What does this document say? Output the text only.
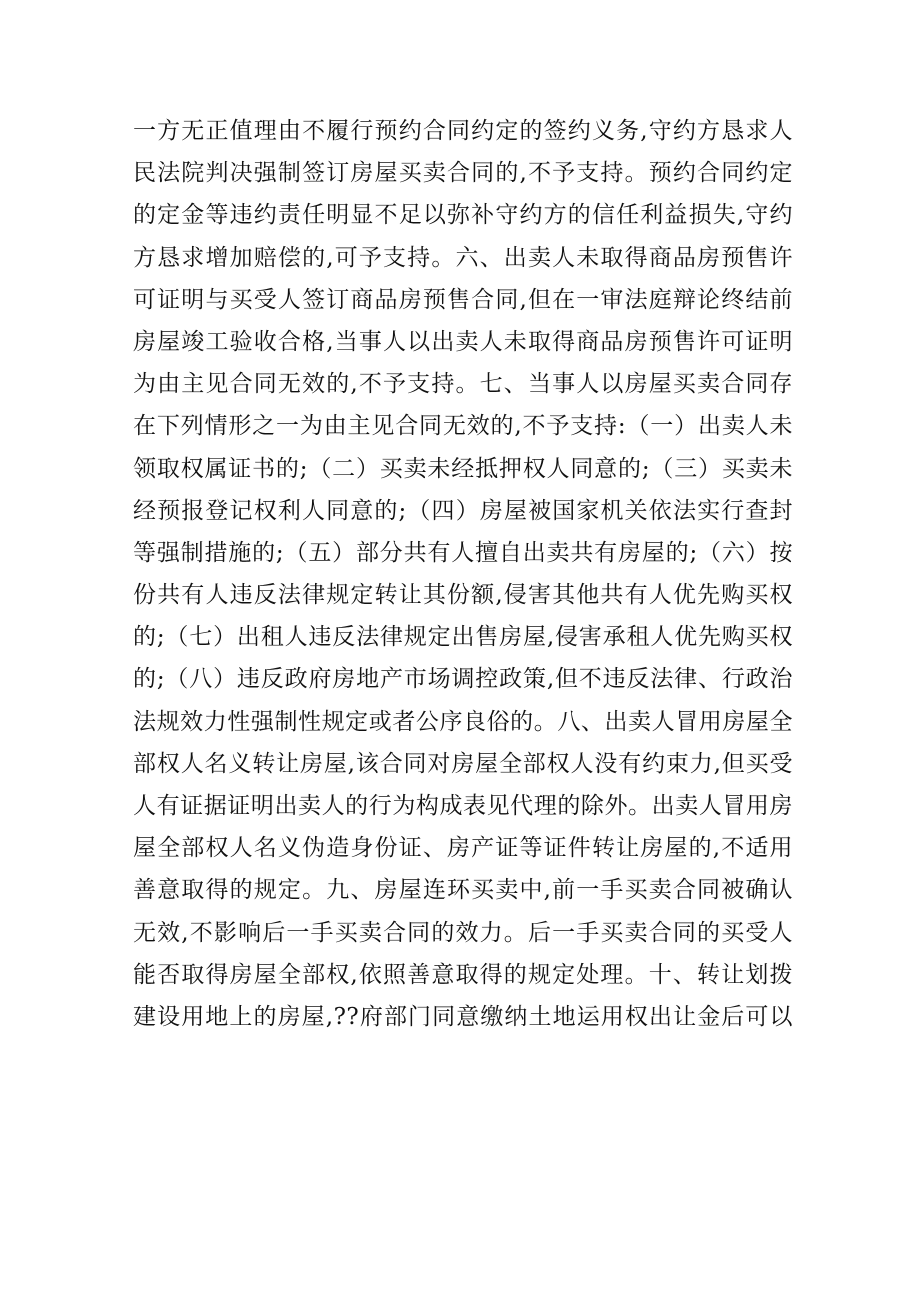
一方无正值理由不履行预约合同约定的签约义务,守约方恳求人
民法院判决强制签订房屋买卖合同的,不予支持。预约合同约定
的定金等违约责任明显不足以弥补守约方的信任利益损失,守约
方恳求增加赔偿的,可予支持。六、出卖人未取得商品房预售许
可证明与买受人签订商品房预售合同,但在一审法庭辩论终结前
房屋竣工验收合格,当事人以出卖人未取得商品房预售许可证明
为由主见合同无效的,不予支持。七、当事人以房屋买卖合同存
在下列情形之一为由主见合同无效的,不予支持:（一）出卖人未
领取权属证书的;（二）买卖未经抵押权人同意的;（三）买卖未
经预报登记权利人同意的;（四）房屋被国家机关依法实行查封
等强制措施的;（五）部分共有人擅自出卖共有房屋的;（六）按
份共有人违反法律规定转让其份额,侵害其他共有人优先购买权
的;（七）出租人违反法律规定出售房屋,侵害承租人优先购买权
的;（八）违反政府房地产市场调控政策,但不违反法律、行政治
法规效力性强制性规定或者公序良俗的。八、出卖人冒用房屋全
部权人名义转让房屋,该合同对房屋全部权人没有约束力,但买受
人有证据证明出卖人的行为构成表见代理的除外。出卖人冒用房
屋全部权人名义伪造身份证、房产证等证件转让房屋的,不适用
善意取得的规定。九、房屋连环买卖中,前一手买卖合同被确认
无效,不影响后一手买卖合同的效力。后一手买卖合同的买受人
能否取得房屋全部权,依照善意取得的规定处理。十、转让划拨
建设用地上的房屋,??府部门同意缴纳土地运用权出让金后可以
